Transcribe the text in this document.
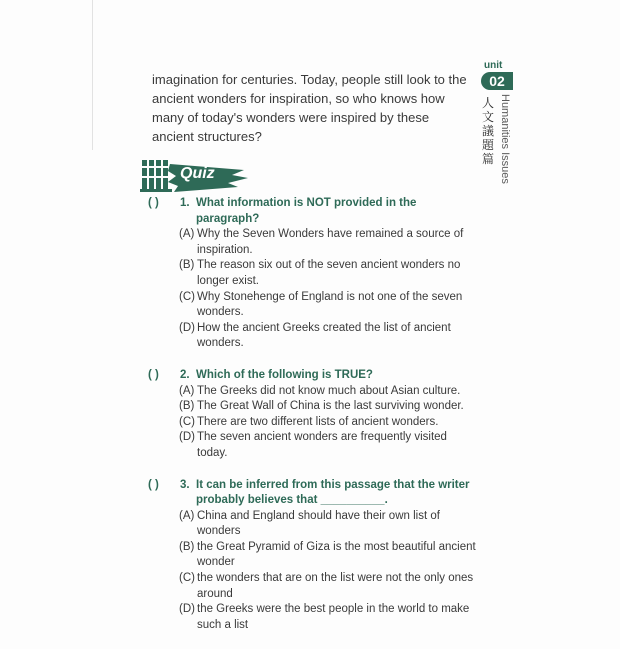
imagination for centuries. Today, people still look to the ancient wonders for inspiration, so who knows how many of today's wonders were inspired by these ancient structures?

unit
02
人文議題篇 Humanities Issues
Quiz
( )	1. What information is NOT provided in the paragraph?
(A) Why the Seven Wonders have remained a source of inspiration.
(B) The reason six out of the seven ancient wonders no longer exist.
(C) Why Stonehenge of England is not one of the seven wonders.
(D) How the ancient Greeks created the list of ancient wonders.
( )	2. Which of the following is TRUE?
(A) The Greeks did not know much about Asian culture.
(B) The Great Wall of China is the last surviving wonder.
(C) There are two different lists of ancient wonders.
(D) The seven ancient wonders are frequently visited today.
( )	3. It can be inferred from this passage that the writer probably believes that __________.
(A) China and England should have their own list of wonders
(B) the Great Pyramid of Giza is the most beautiful ancient wonder
(C) the wonders that are on the list were not the only ones around
(D) the Greeks were the best people in the world to make such a list
